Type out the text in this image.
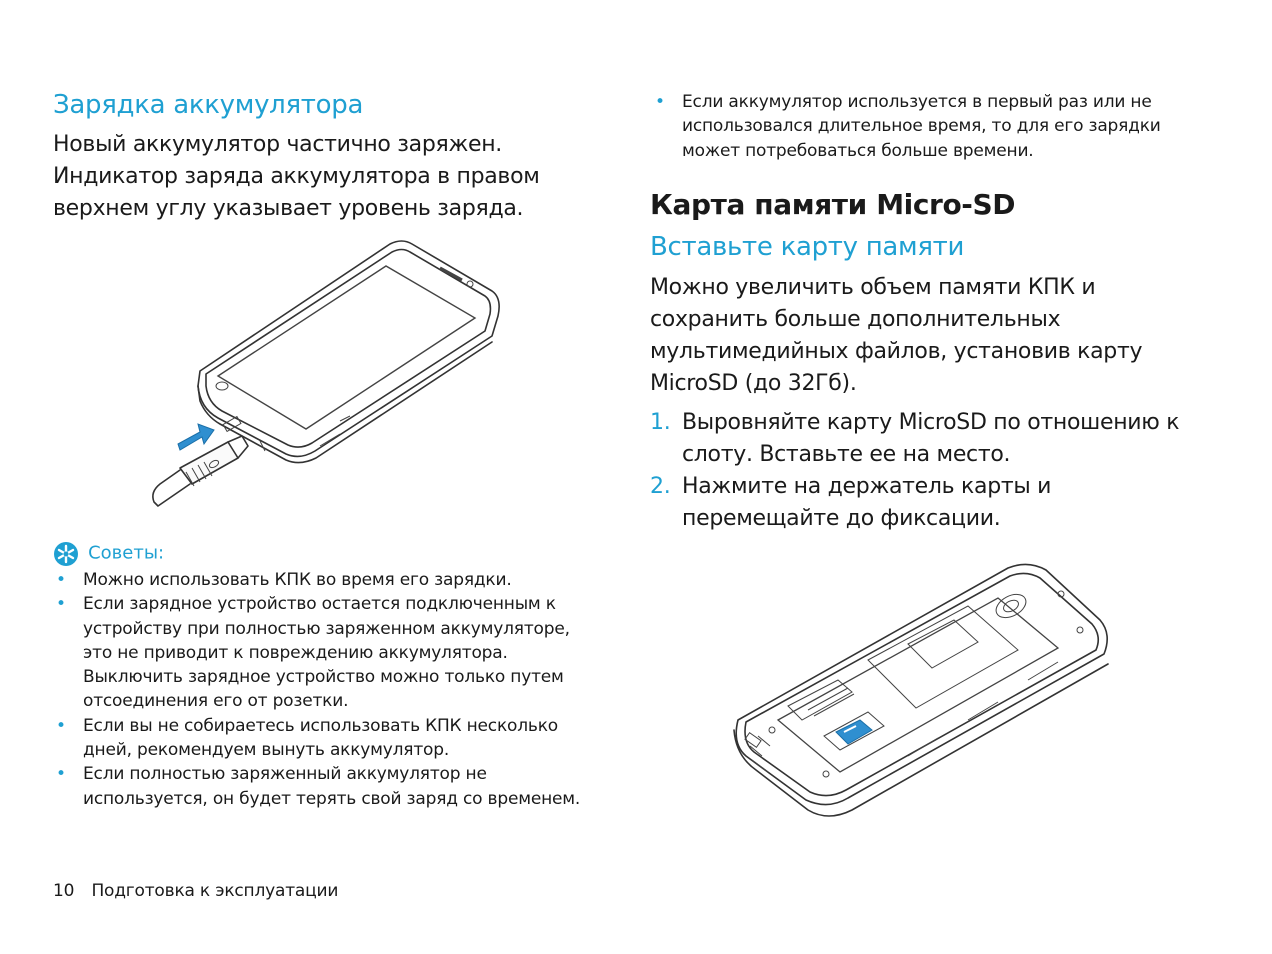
Зарядка аккумулятора

Новый аккумулятор частично заряжен.

Индикатор заряда аккумулятора в правом

верхнем углу указывает уровень заряда.

Советы:
• Можно использовать КПК во время его зарядки.
• Если зарядное устройство остается подключенным к
устройству при полностью заряженном аккумуляторе,
это не приводит к повреждению аккумулятора.
Выключить зарядное устройство можно только путем
отсоединения его от розетки.
• Если вы не собираетесь использовать КПК несколько
дней, рекомендуем вынуть аккумулятор.
• Если полностью заряженный аккумулятор не
используется, он будет терять свой заряд со временем.
10 Подготовка к эксплуатации
• Если аккумулятор используется в первый раз или не
использовался длительное время, то для его зарядки
может потребоваться больше времени.
Карта памяти Micro-SD
Вставьте карту памяти

Можно увеличить объем памяти КПК и

сохранить больше дополнительных

мультимедийных файлов, установив карту

MicroSD (до 32Гб).

1. Выровняйте карту MicroSD по отношению к
слоту. Вставьте ее на место.
2. Нажмите на держатель карты и
перемещайте до фиксации.
